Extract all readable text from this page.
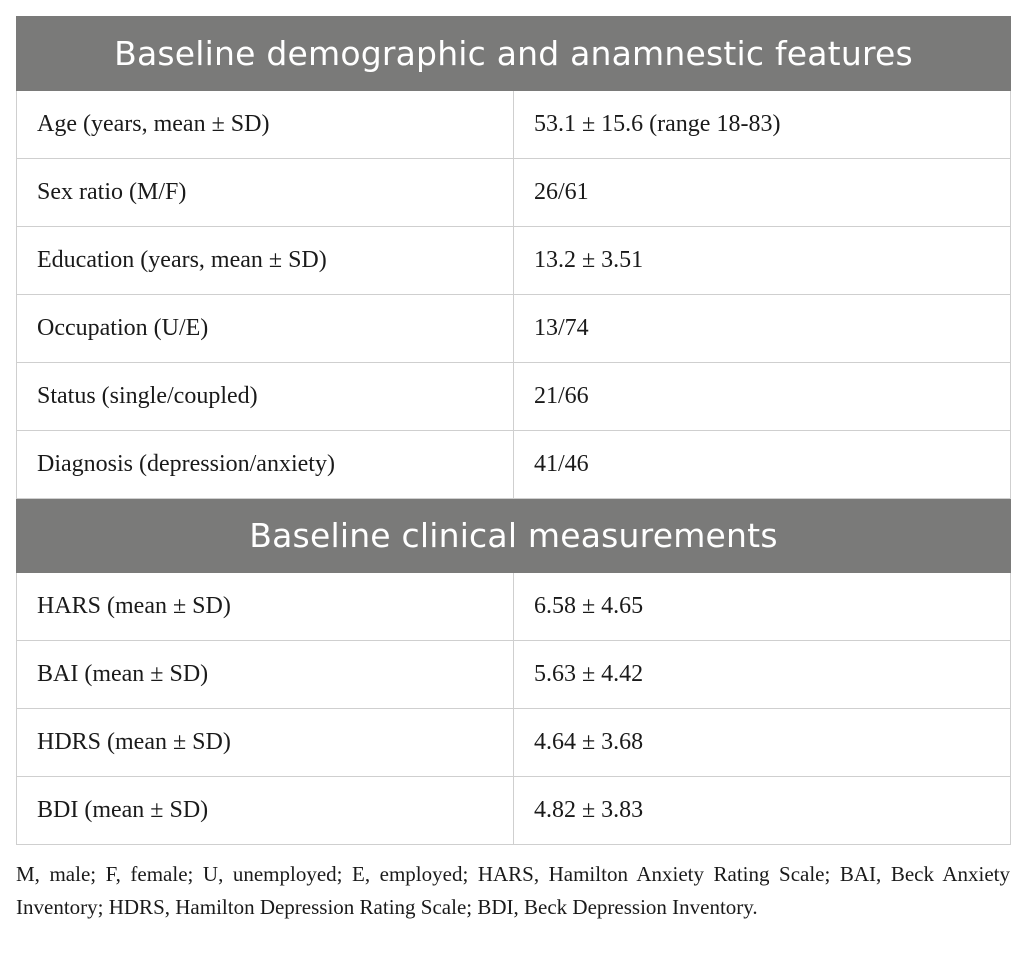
Baseline demographic and anamnestic features	
Age (years, mean ± SD)	53.1 ± 15.6 (range 18-83)
Sex ratio (M/F)	26/61
Education (years, mean ± SD)	13.2 ± 3.51
Occupation (U/E)	13/74
Status (single/coupled)	21/66
Diagnosis (depression/anxiety)	41/46
Baseline clinical measurements	
HARS (mean ± SD)	6.58 ± 4.65
BAI (mean ± SD)	5.63 ± 4.42
HDRS (mean ± SD)	4.64 ± 3.68
BDI (mean ± SD)	4.82 ± 3.83

M, male; F, female; U, unemployed; E, employed; HARS, Hamilton Anxiety Rating Scale; BAI, Beck Anxiety Inventory; HDRS, Hamilton Depression Rating Scale; BDI, Beck Depression Inventory.
